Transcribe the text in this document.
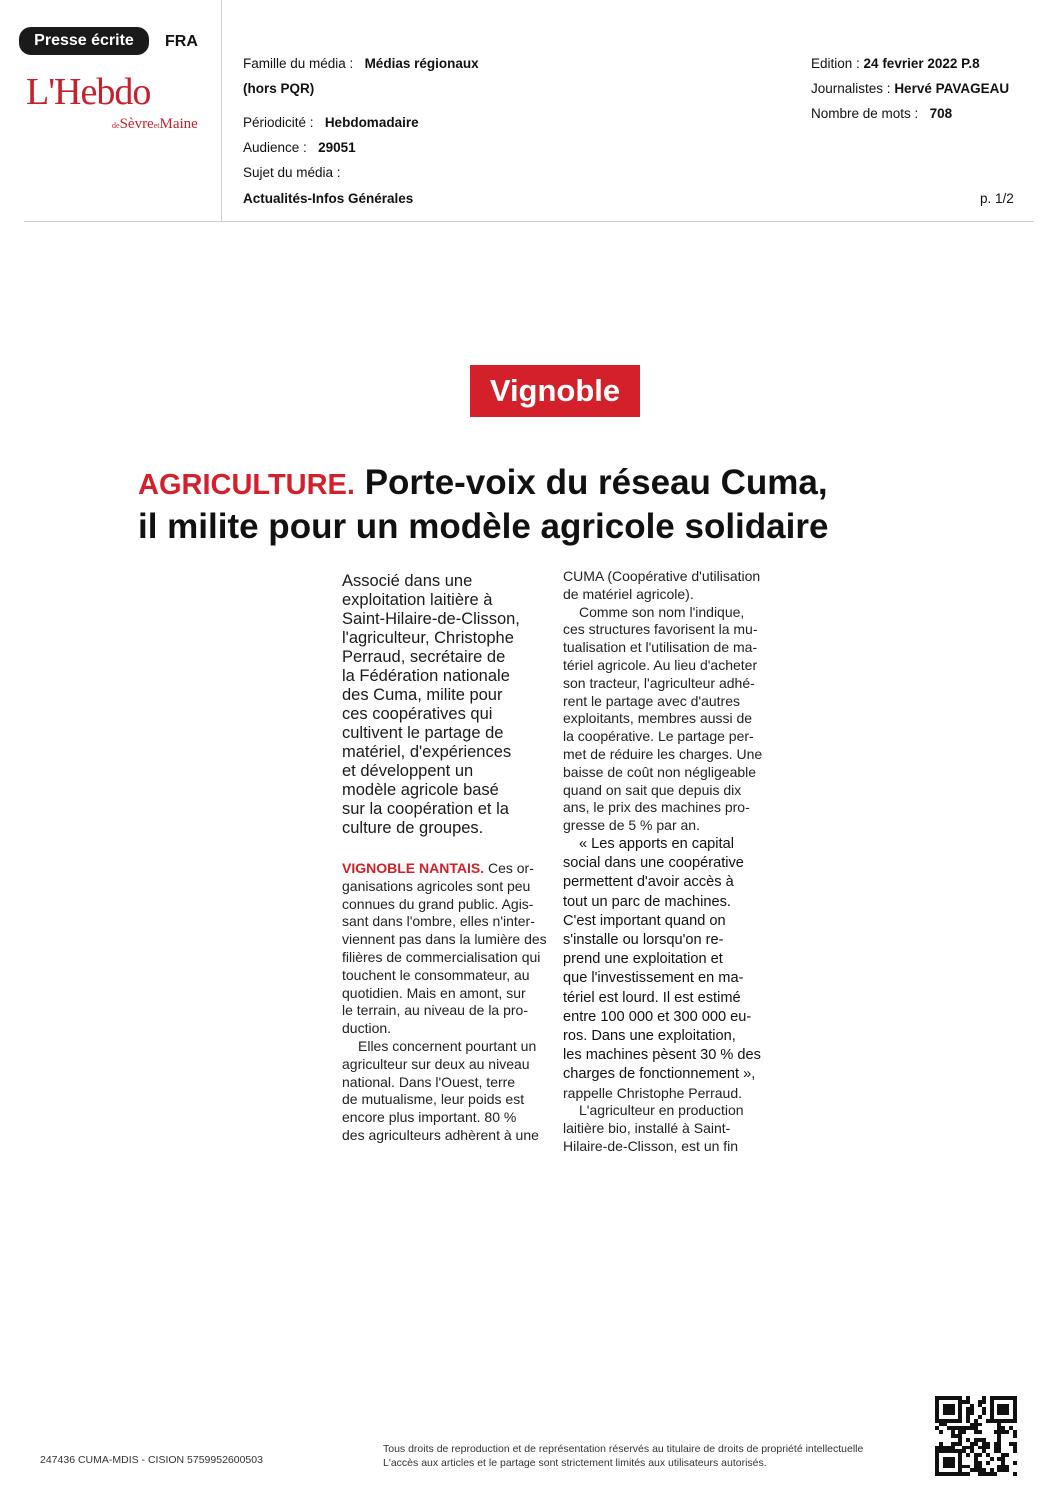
Presse écrite	FRA
L'Hebdo
deSèvreetMaine
Famille du média : Médias régionaux
(hors PQR)
Périodicité : Hebdomadaire
Audience : 29051
Sujet du média :
Actualités-Infos Générales
Edition : 24 fevrier 2022 P.8
Journalistes : Hervé PAVAGEAU
Nombre de mots : 708
p. 1/2
Vignoble
AGRICULTURE. Porte-voix du réseau Cuma,
il milite pour un modèle agricole solidaire
Associé dans une
exploitation laitière à
Saint-Hilaire-de-Clisson,
l'agriculteur, Christophe
Perraud, secrétaire de
la Fédération nationale
des Cuma, milite pour
ces coopératives qui
cultivent le partage de
matériel, d'expériences
et développent un
modèle agricole basé
sur la coopération et la
culture de groupes.
VIGNOBLE NANTAIS. Ces or-
ganisations agricoles sont peu
connues du grand public. Agis-
sant dans l'ombre, elles n'inter-
viennent pas dans la lumière des
filières de commercialisation qui
touchent le consommateur, au
quotidien. Mais en amont, sur
le terrain, au niveau de la pro-
duction.
Elles concernent pourtant un
agriculteur sur deux au niveau
national. Dans l'Ouest, terre
de mutualisme, leur poids est
encore plus important. 80 %
des agriculteurs adhèrent à une
CUMA (Coopérative d'utilisation
de matériel agricole).
Comme son nom l'indique,
ces structures favorisent la mu-
tualisation et l'utilisation de ma-
tériel agricole. Au lieu d'acheter
son tracteur, l'agriculteur adhé-
rent le partage avec d'autres
exploitants, membres aussi de
la coopérative. Le partage per-
met de réduire les charges. Une
baisse de coût non négligeable
quand on sait que depuis dix
ans, le prix des machines pro-
gresse de 5 % par an.
« Les apports en capital
social dans une coopérative
permettent d'avoir accès à
tout un parc de machines.
C'est important quand on
s'installe ou lorsqu'on re-
prend une exploitation et
que l'investissement en ma-
tériel est lourd. Il est estimé
entre 100 000 et 300 000 eu-
ros. Dans une exploitation,
les machines pèsent 30 % des
charges de fonctionnement »,
rappelle Christophe Perraud.
L'agriculteur en production
laitière bio, installé à Saint-
Hilaire-de-Clisson, est un fin
247436 CUMA-MDIS - CISION 5759952600503
Tous droits de reproduction et de représentation réservés au titulaire de droits de propriété intellectuelle
L'accès aux articles et le partage sont strictement limités aux utilisateurs autorisés.
